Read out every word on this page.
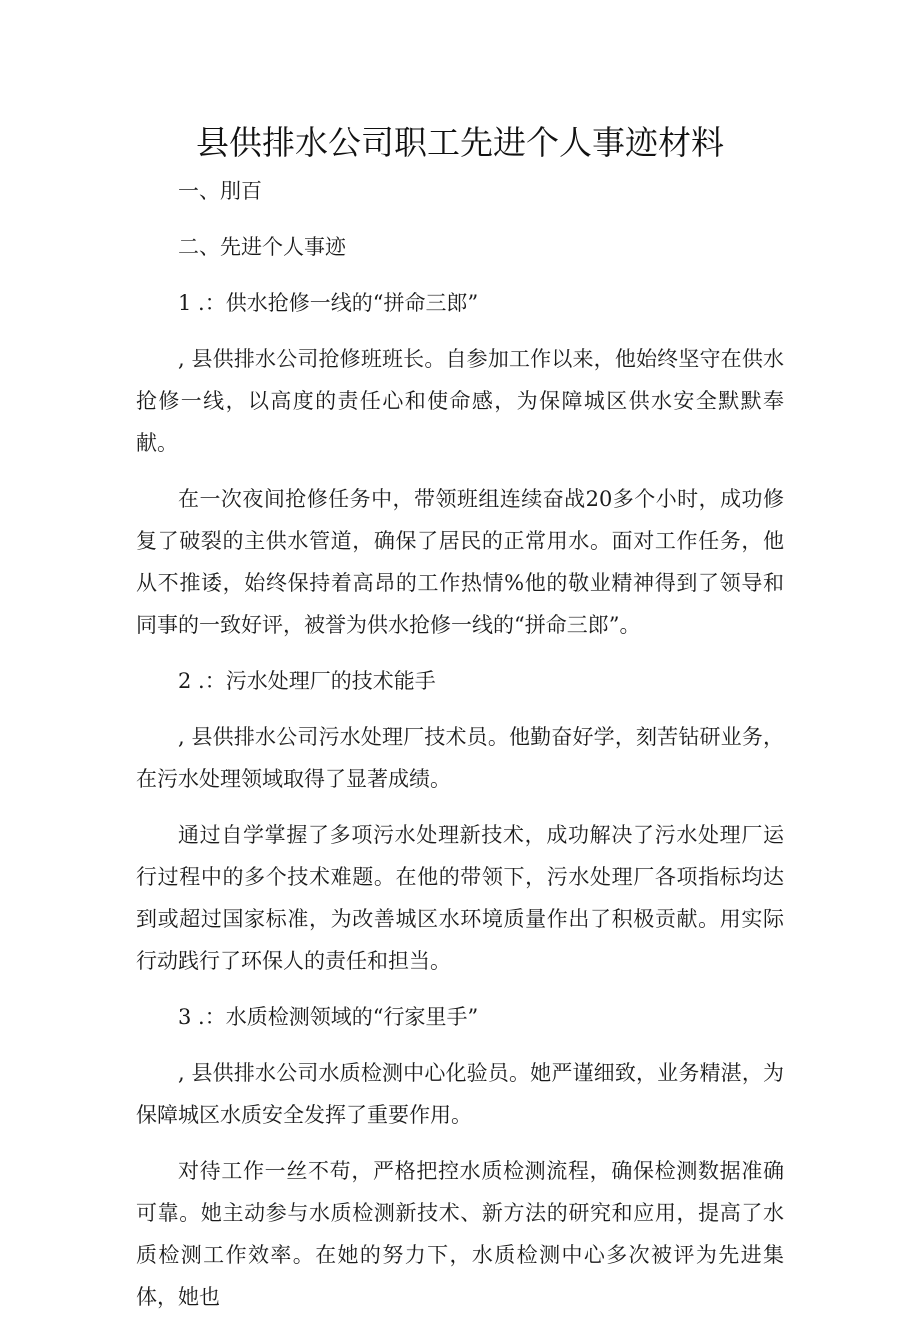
县供排水公司职工先进个人事迹材料
一、刖百
二、先进个人事迹
1 .：供水抢修一线的“拼命三郎”
, 县供排水公司抢修班班长。自参加工作以来，他始终坚守在供水抢修一线，以高度的责任心和使命感，为保障城区供水安全默默奉献。
在一次夜间抢修任务中，带领班组连续奋战20多个小时，成功修复了破裂的主供水管道，确保了居民的正常用水。面对工作任务，他从不推诿，始终保持着高昂的工作热情%他的敬业精神得到了领导和同事的一致好评，被誉为供水抢修一线的“拼命三郎”。
2 .：污水处理厂的技术能手
, 县供排水公司污水处理厂技术员。他勤奋好学，刻苦钻研业务，在污水处理领域取得了显著成绩。
通过自学掌握了多项污水处理新技术，成功解决了污水处理厂运行过程中的多个技术难题。在他的带领下，污水处理厂各项指标均达到或超过国家标准，为改善城区水环境质量作出了积极贡献。用实际行动践行了环保人的责任和担当。
3 .：水质检测领域的“行家里手”
, 县供排水公司水质检测中心化验员。她严谨细致，业务精湛，为保障城区水质安全发挥了重要作用。
对待工作一丝不苟，严格把控水质检测流程，确保检测数据准确可靠。她主动参与水质检测新技术、新方法的研究和应用，提高了水质检测工作效率。在她的努力下，水质检测中心多次被评为先进集体，她也
